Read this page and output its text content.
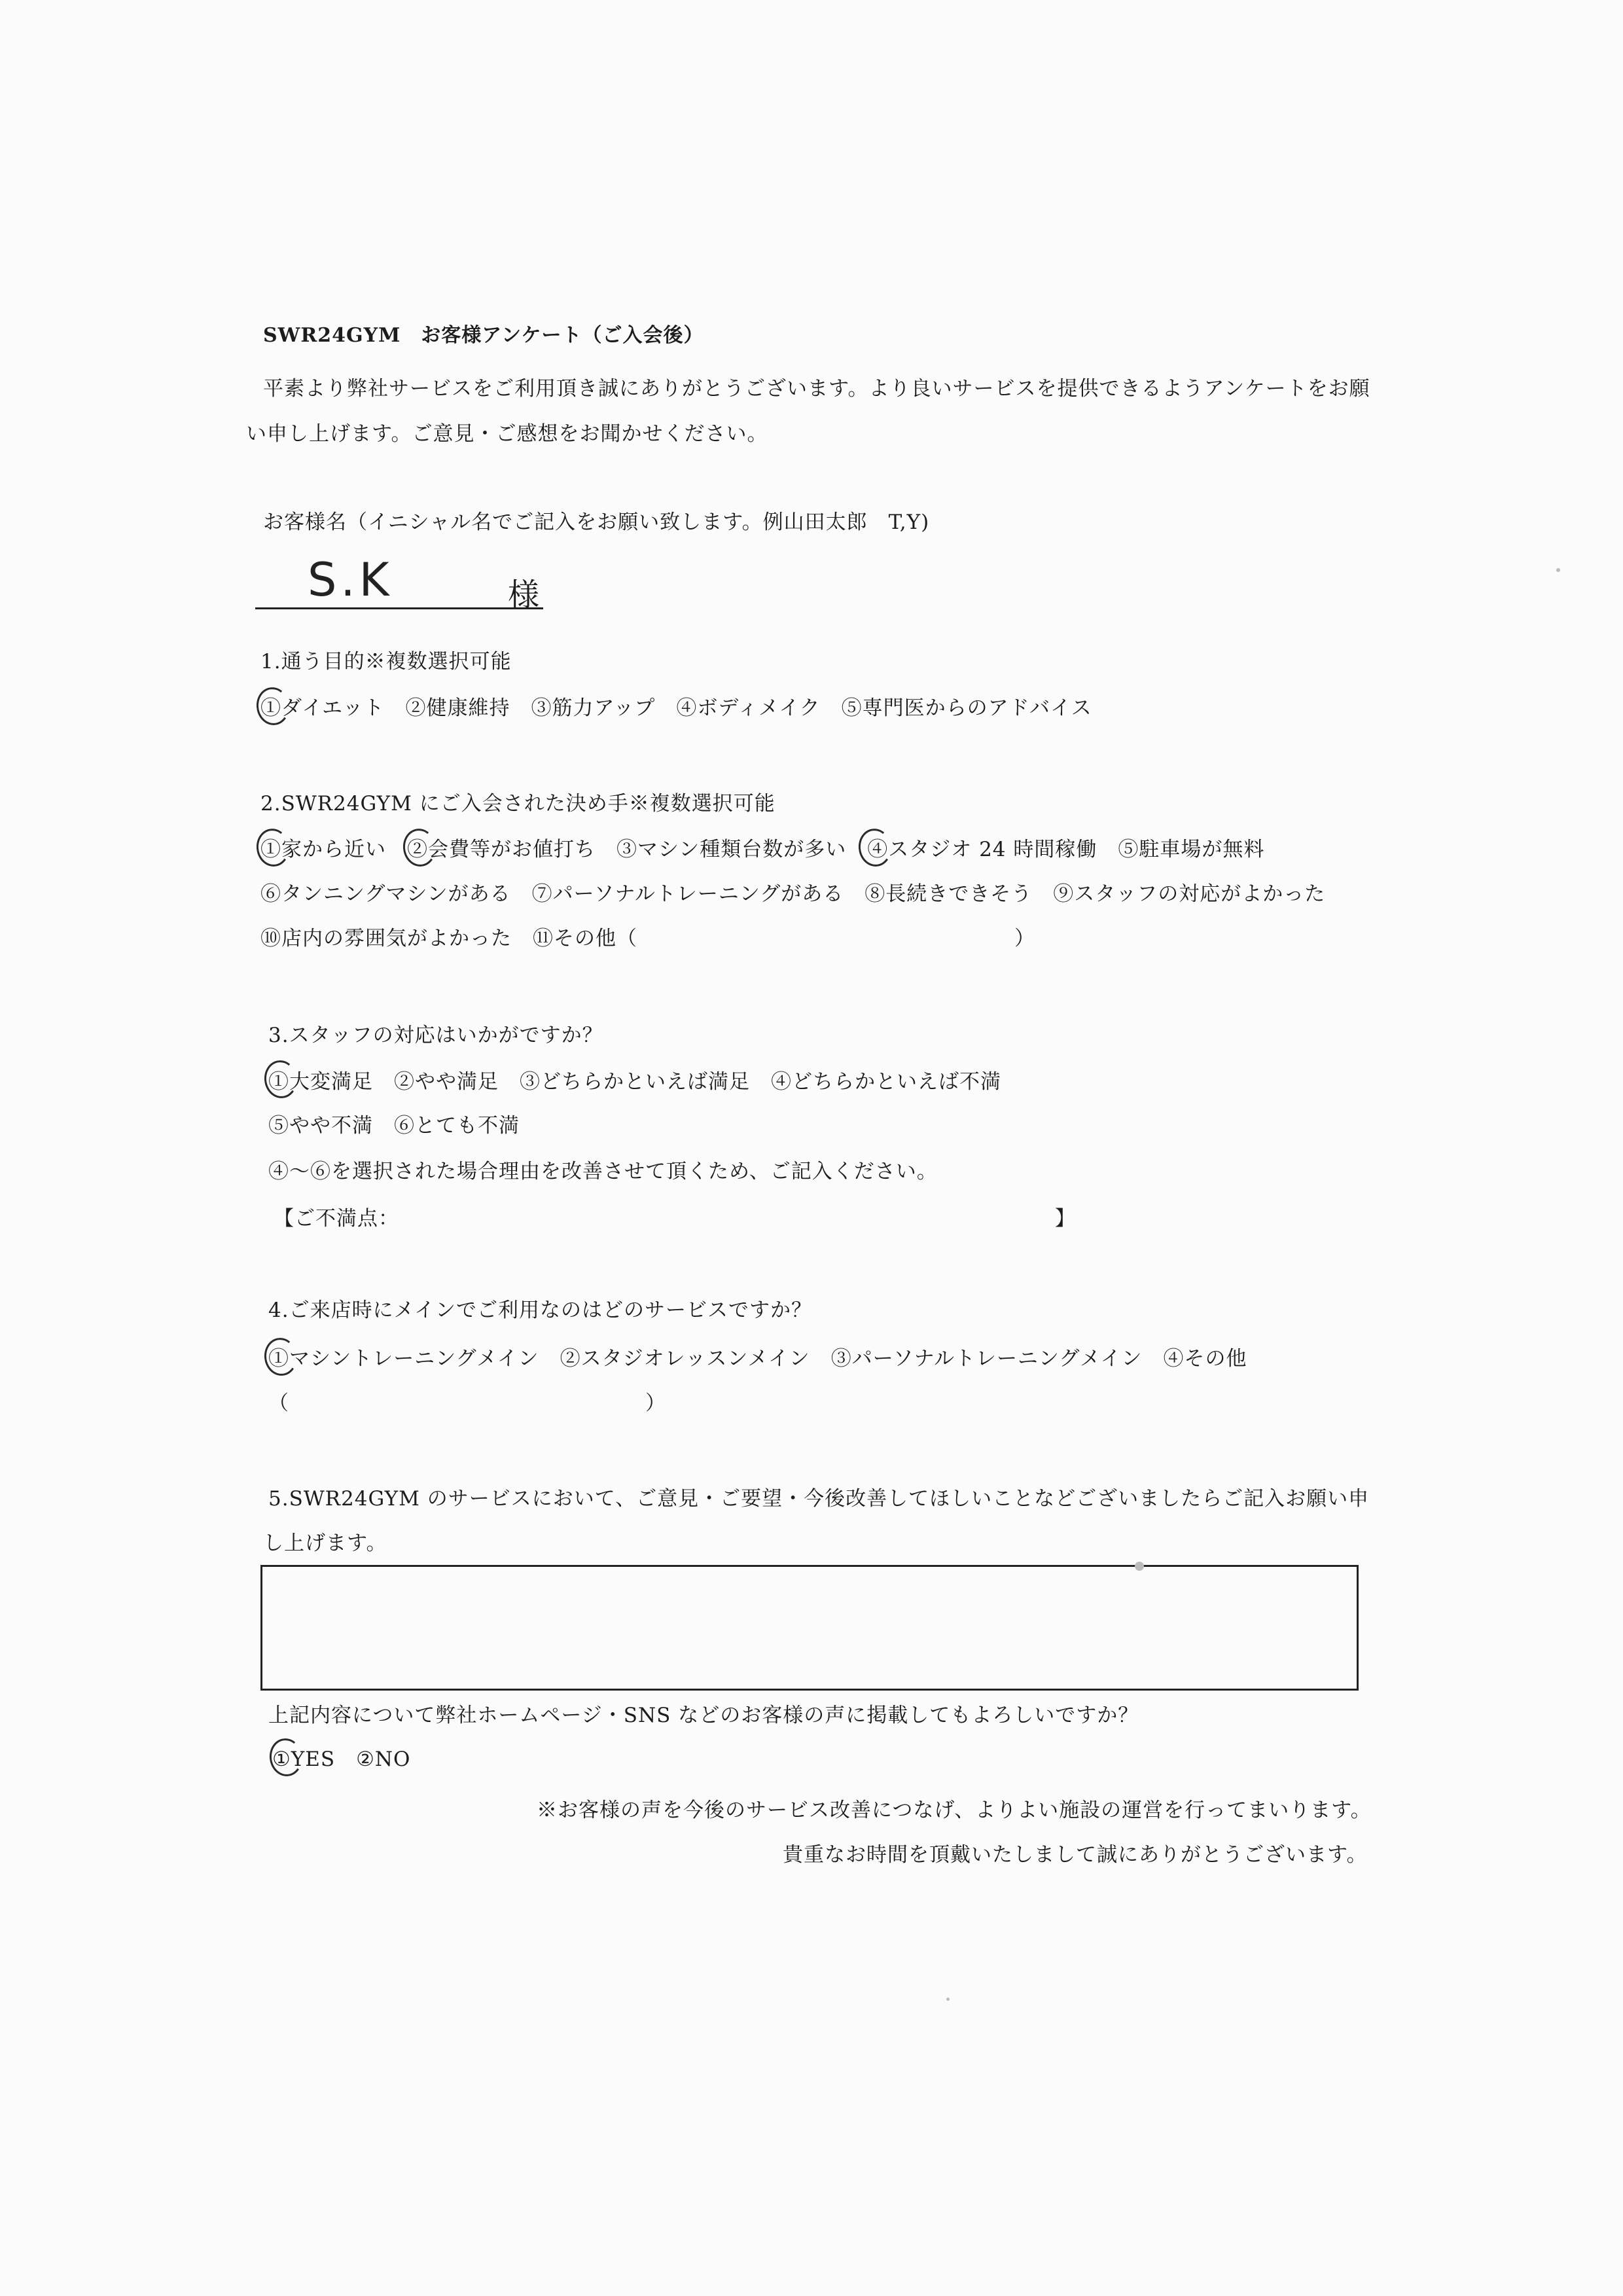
SWR24GYM　お客様アンケート（ご入会後）
平素より弊社サービスをご利用頂き誠にありがとうございます。より良いサービスを提供できるようアンケートをお願
い申し上げます。ご意見・ご感想をお聞かせください。
お客様名（イニシャル名でご記入をお願い致します。例山田太郎　T,Y)
S.K	様
1.通う目的※複数選択可能
①ダイエット　②健康維持　③筋力アップ　④ボディメイク　⑤専門医からのアドバイス
2.SWR24GYM にご入会された決め手※複数選択可能
①家から近い　②会費等がお値打ち　③マシン種類台数が多い　④スタジオ 24 時間稼働　⑤駐車場が無料
⑥タンニングマシンがある　⑦パーソナルトレーニングがある　⑧長続きできそう　⑨スタッフの対応がよかった
⑩店内の雰囲気がよかった　⑪その他（　　　　　　　　　　　　　　　　　　）
3.スタッフの対応はいかがですか？
①大変満足　②やや満足　③どちらかといえば満足　④どちらかといえば不満
⑤やや不満　⑥とても不満
④～⑥を選択された場合理由を改善させて頂くため、ご記入ください。
【ご不満点：	】
4.ご来店時にメインでご利用なのはどのサービスですか？
①マシントレーニングメイン　②スタジオレッスンメイン　③パーソナルトレーニングメイン　④その他
（　　　　　　　　　　　　　　　　　）
5.SWR24GYM のサービスにおいて、ご意見・ご要望・今後改善してほしいことなどございましたらご記入お願い申
し上げます。
上記内容について弊社ホームページ・SNS などのお客様の声に掲載してもよろしいですか？
①YES　②NO
※お客様の声を今後のサービス改善につなげ、よりよい施設の運営を行ってまいります。
貴重なお時間を頂戴いたしまして誠にありがとうございます。
